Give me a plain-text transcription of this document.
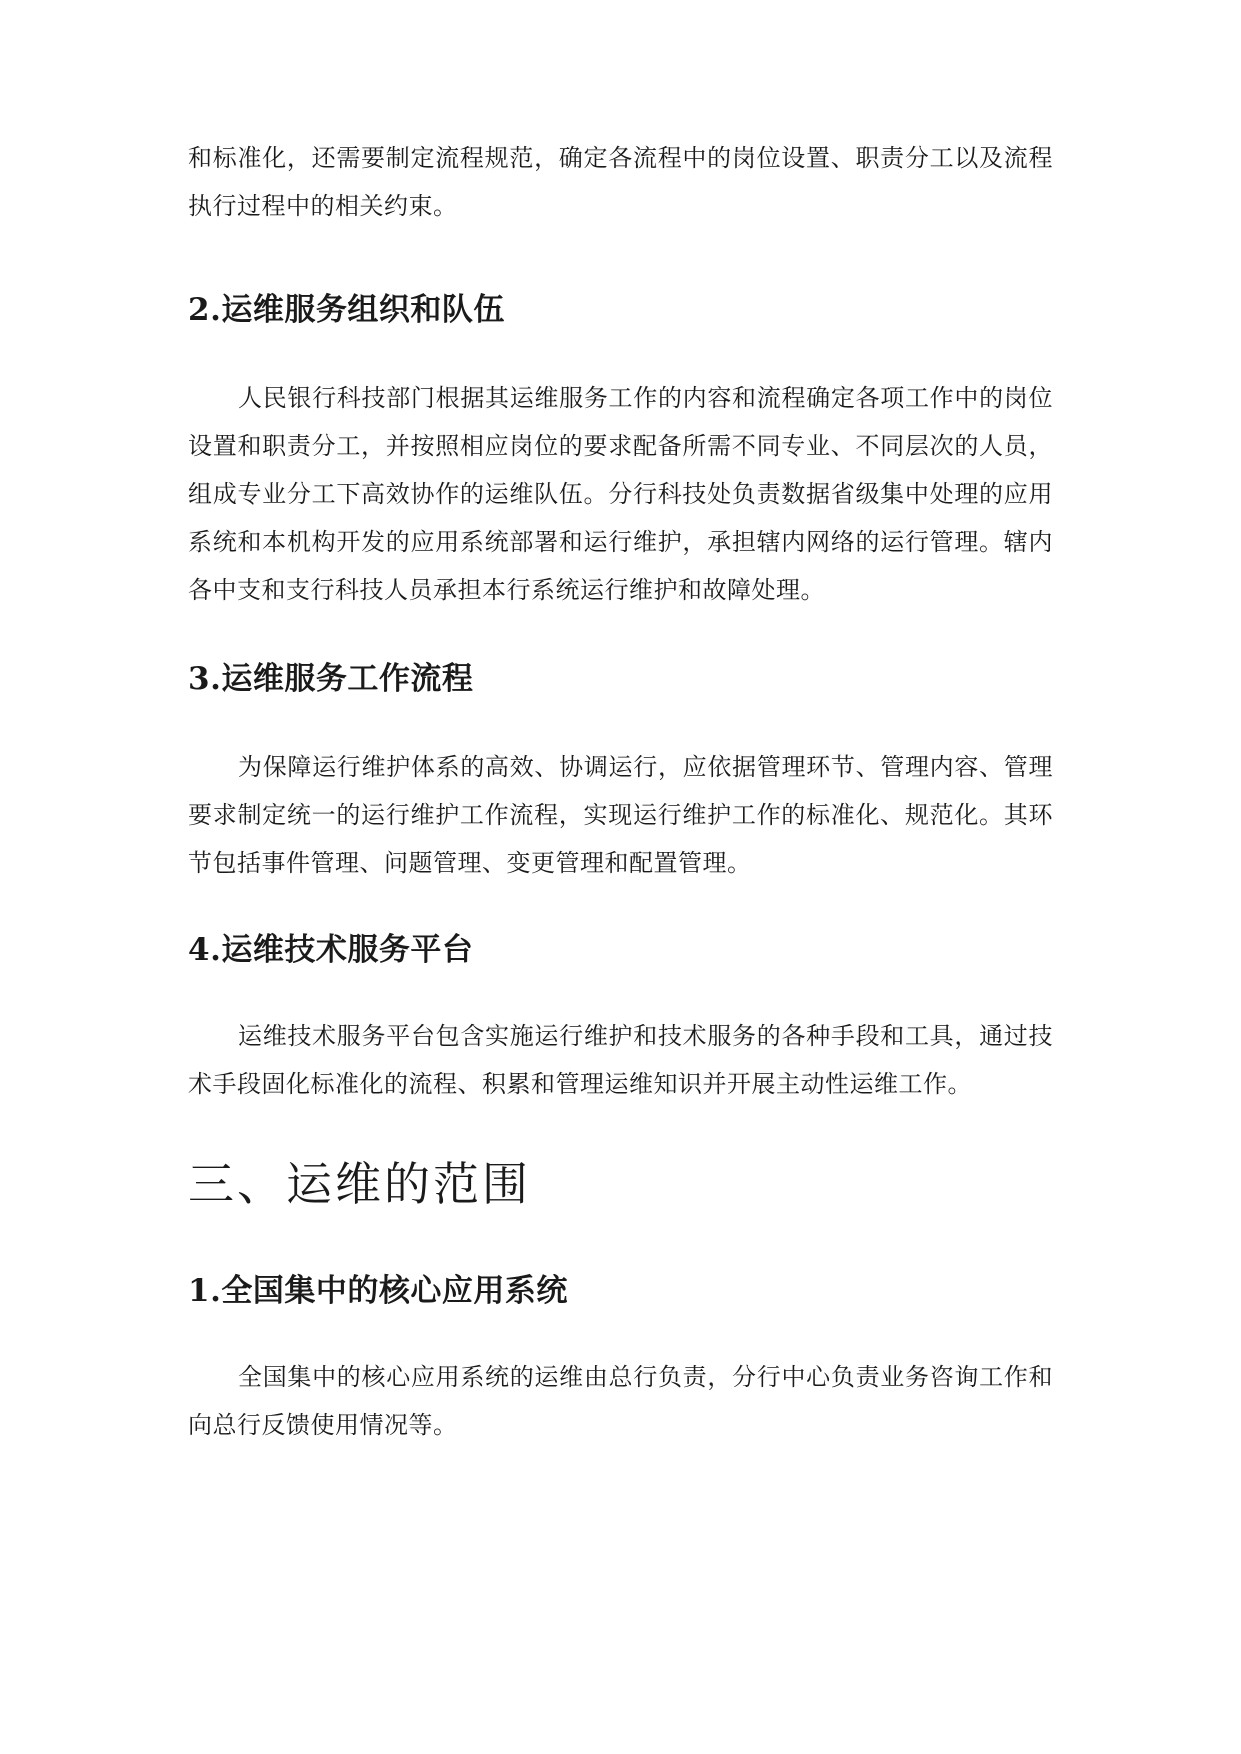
和标准化，还需要制定流程规范，确定各流程中的岗位设置、职责分工以及流程执行过程中的相关约束。

2.运维服务组织和队伍

人民银行科技部门根据其运维服务工作的内容和流程确定各项工作中的岗位设置和职责分工，并按照相应岗位的要求配备所需不同专业、不同层次的人员，组成专业分工下高效协作的运维队伍。分行科技处负责数据省级集中处理的应用系统和本机构开发的应用系统部署和运行维护，承担辖内网络的运行管理。辖内各中支和支行科技人员承担本行系统运行维护和故障处理。

3.运维服务工作流程

为保障运行维护体系的高效、协调运行，应依据管理环节、管理内容、管理要求制定统一的运行维护工作流程，实现运行维护工作的标准化、规范化。其环节包括事件管理、问题管理、变更管理和配置管理。

4.运维技术服务平台

运维技术服务平台包含实施运行维护和技术服务的各种手段和工具，通过技术手段固化标准化的流程、积累和管理运维知识并开展主动性运维工作。

三、运维的范围
1.全国集中的核心应用系统

全国集中的核心应用系统的运维由总行负责，分行中心负责业务咨询工作和向总行反馈使用情况等。
